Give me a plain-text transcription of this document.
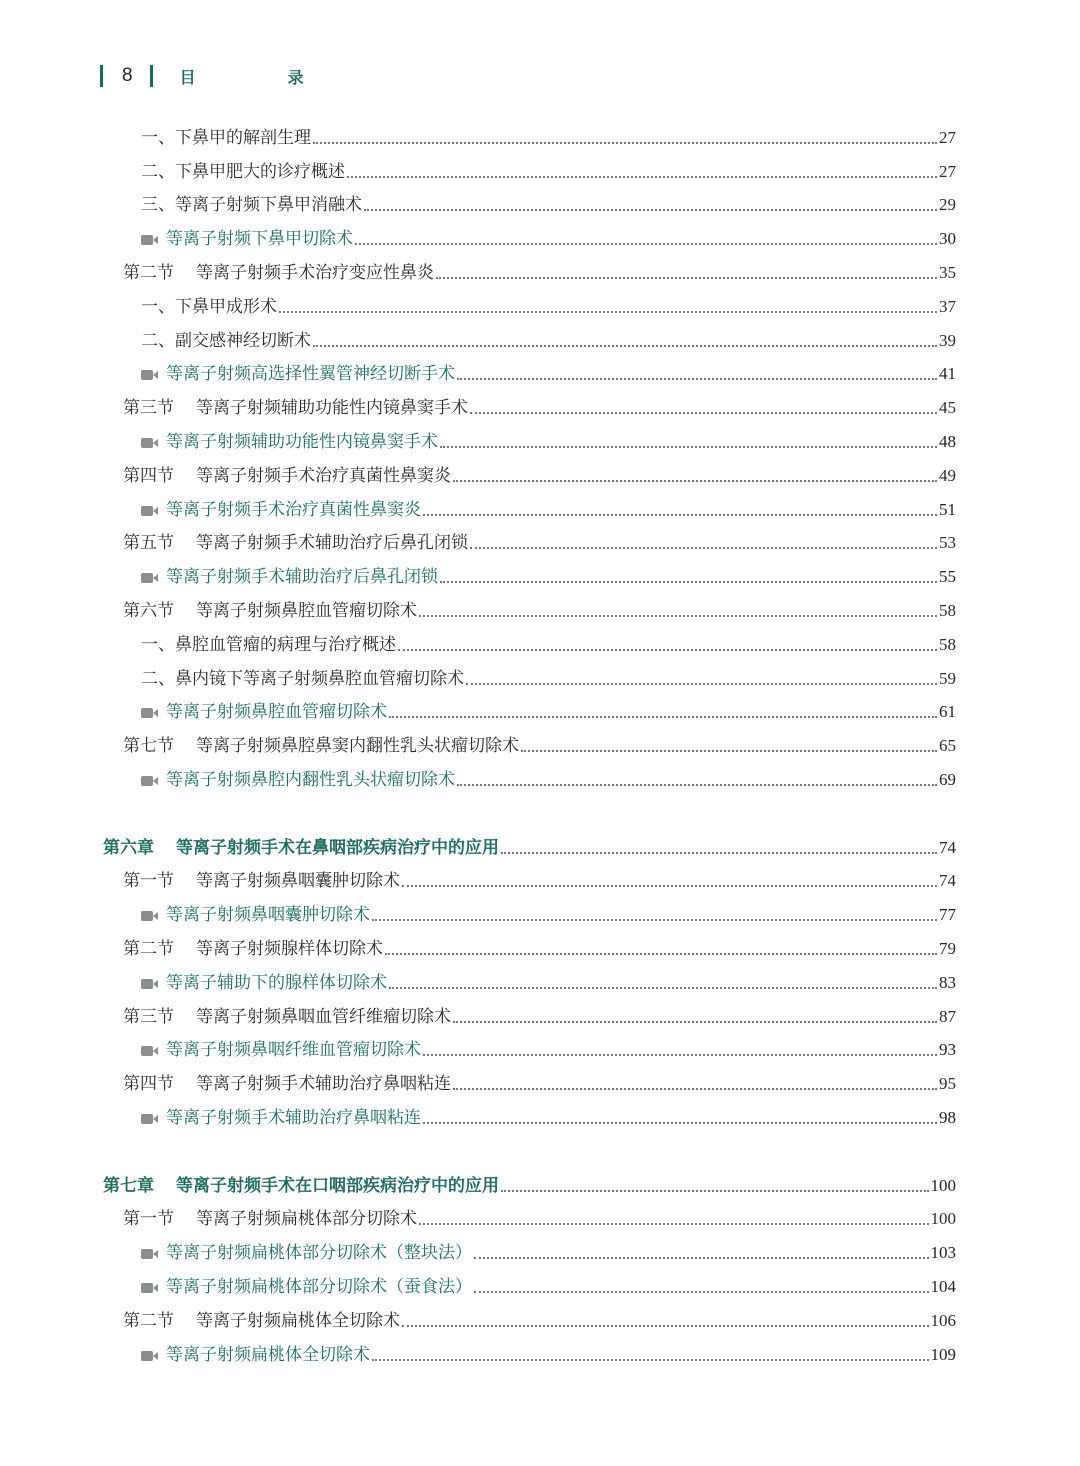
8	目　录
一、下鼻甲的解剖生理	27
二、下鼻甲肥大的诊疗概述	27
三、等离子射频下鼻甲消融术	29
等离子射频下鼻甲切除术	30
第二节 等离子射频手术治疗变应性鼻炎	35
一、下鼻甲成形术	37
二、副交感神经切断术	39
等离子射频高选择性翼管神经切断手术	41
第三节 等离子射频辅助功能性内镜鼻窦手术	45
等离子射频辅助功能性内镜鼻窦手术	48
第四节 等离子射频手术治疗真菌性鼻窦炎	49
等离子射频手术治疗真菌性鼻窦炎	51
第五节 等离子射频手术辅助治疗后鼻孔闭锁	53
等离子射频手术辅助治疗后鼻孔闭锁	55
第六节 等离子射频鼻腔血管瘤切除术	58
一、鼻腔血管瘤的病理与治疗概述	58
二、鼻内镜下等离子射频鼻腔血管瘤切除术	59
等离子射频鼻腔血管瘤切除术	61
第七节 等离子射频鼻腔鼻窦内翻性乳头状瘤切除术	65
等离子射频鼻腔内翻性乳头状瘤切除术	69
第六章 等离子射频手术在鼻咽部疾病治疗中的应用	74
第一节 等离子射频鼻咽囊肿切除术	74
等离子射频鼻咽囊肿切除术	77
第二节 等离子射频腺样体切除术	79
等离子辅助下的腺样体切除术	83
第三节 等离子射频鼻咽血管纤维瘤切除术	87
等离子射频鼻咽纤维血管瘤切除术	93
第四节 等离子射频手术辅助治疗鼻咽粘连	95
等离子射频手术辅助治疗鼻咽粘连	98
第七章 等离子射频手术在口咽部疾病治疗中的应用	100
第一节 等离子射频扁桃体部分切除术	100
等离子射频扁桃体部分切除术（整块法）	103
等离子射频扁桃体部分切除术（蚕食法）	104
第二节 等离子射频扁桃体全切除术	106
等离子射频扁桃体全切除术	109
